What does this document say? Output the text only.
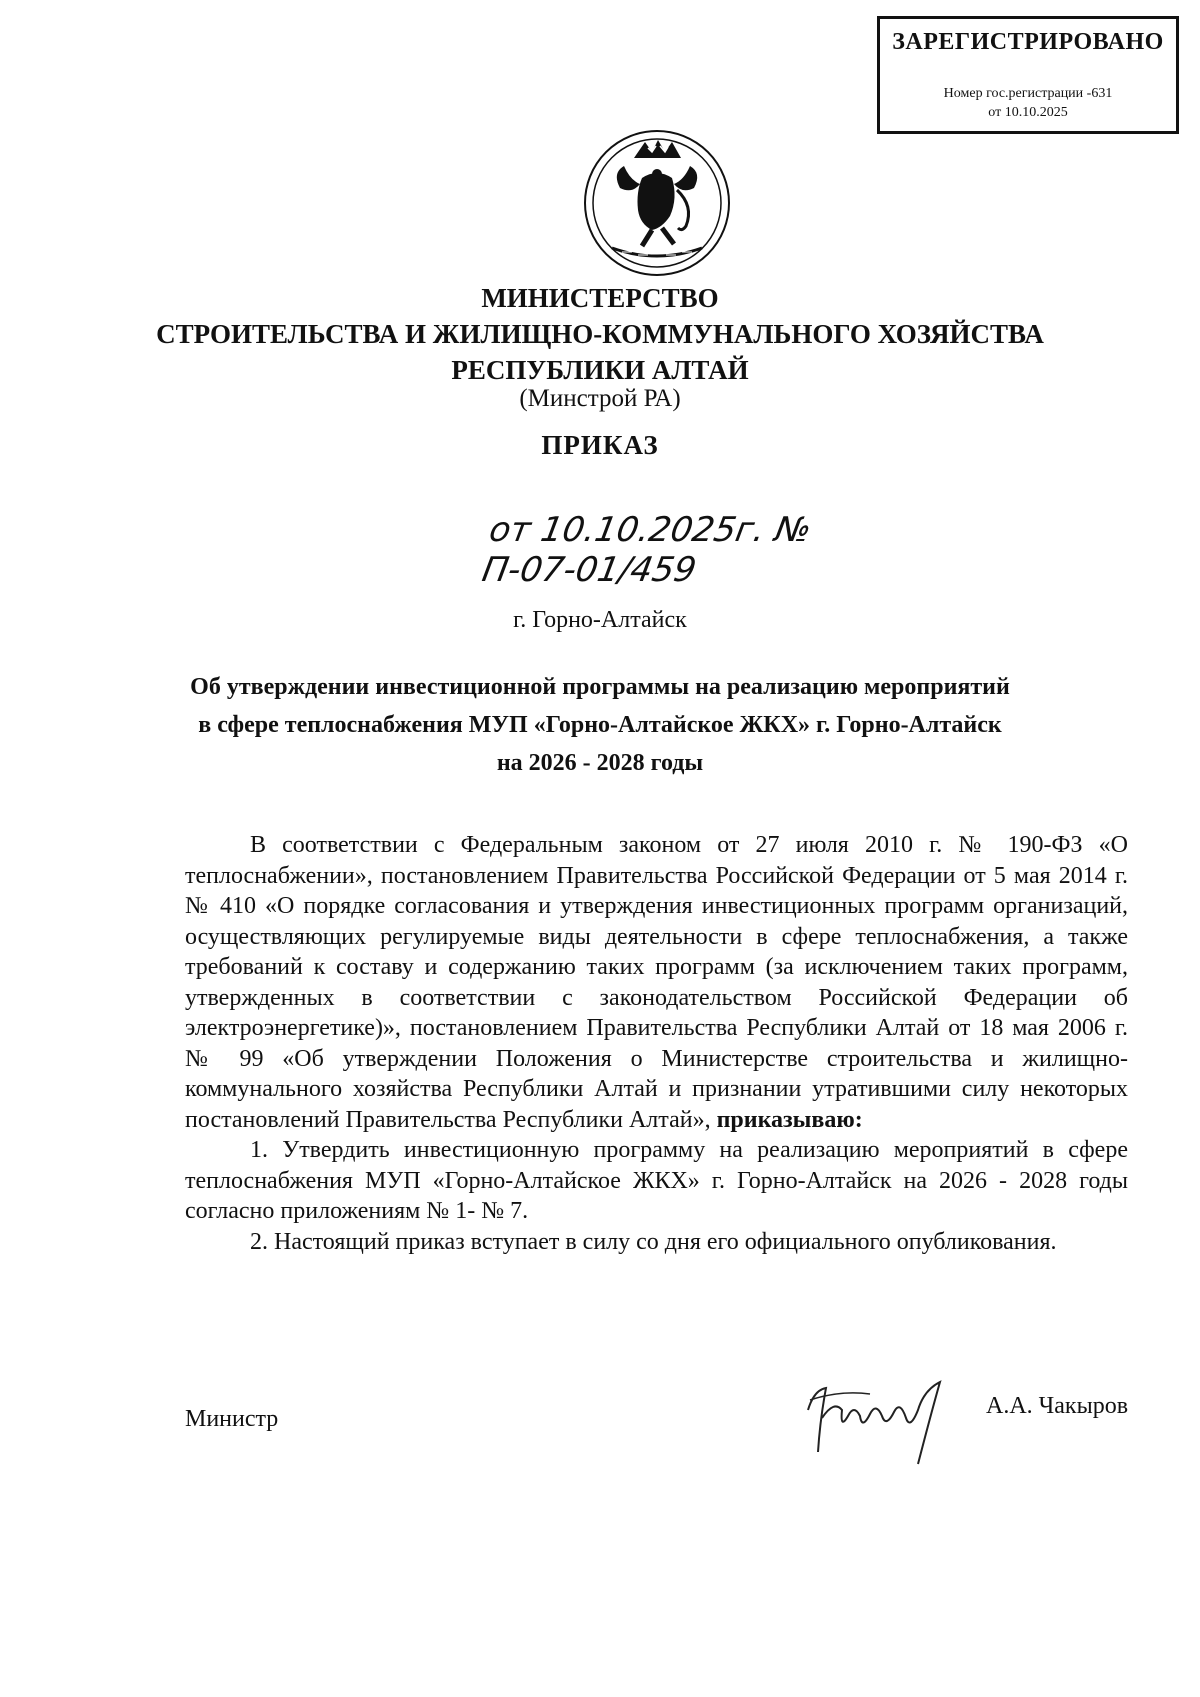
ЗАРЕГИСТРИРОВАНО
Номер гос.регистрации -631
от 10.10.2025
МИНИСТЕРСТВО
СТРОИТЕЛЬСТВА И ЖИЛИЩНО-КОММУНАЛЬНОГО ХОЗЯЙСТВА
РЕСПУБЛИКИ АЛТАЙ
(Минстрой РА)
ПРИКАЗ
от 10.10.2025г. № П-07-01/459
г. Горно-Алтайск
Об утверждении инвестиционной программы на реализацию мероприятий
в сфере теплоснабжения МУП «Горно-Алтайское ЖКХ» г. Горно-Алтайск
на 2026 - 2028 годы

В соответствии с Федеральным законом от 27 июля 2010 г. № 190-ФЗ «О теплоснабжении», постановлением Правительства Российской Федерации от 5 мая 2014 г. № 410 «О порядке согласования и утверждения инвестиционных программ организаций, осуществляющих регулируемые виды деятельности в сфере теплоснабжения, а также требований к составу и содержанию таких программ (за исключением таких программ, утвержденных в соответствии с законодательством Российской Федерации об электроэнергетике)», постановлением Правительства Республики Алтай от 18 мая 2006 г. № 99 «Об утверждении Положения о Министерстве строительства и жилищно-коммунального хозяйства Республики Алтай и признании утратившими силу некоторых постановлений Правительства Республики Алтай», приказываю:

1. Утвердить инвестиционную программу на реализацию мероприятий в сфере теплоснабжения МУП «Горно-Алтайское ЖКХ» г. Горно-Алтайск на 2026 - 2028 годы согласно приложениям № 1- № 7.

2. Настоящий приказ вступает в силу со дня его официального опубликования.

Министр	А.А. Чакыров
